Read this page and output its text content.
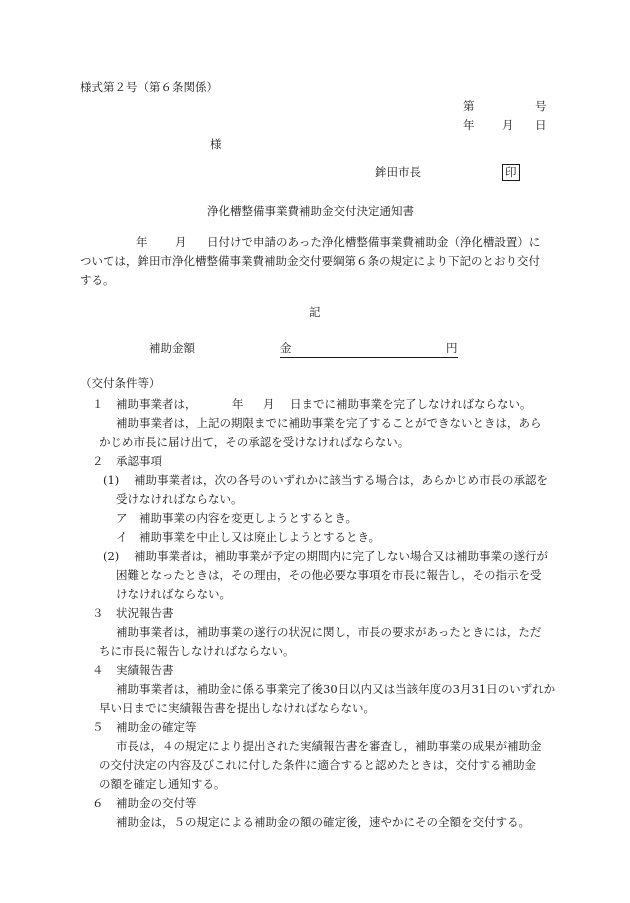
様式第２号（第６条関係）
第	号
年 月 日
様
鉾田市長	印
浄化槽整備事業費補助金交付決定通知書
年 月 日付けで申請のあった浄化槽整備事業費補助金（浄化槽設置）に
ついては，鉾田市浄化槽整備事業費補助金交付要綱第６条の規定により下記のとおり交付
する。
記
補助金額	金	円
（交付条件等）
１ 補助事業者は，	年 月 日までに補助事業を完了しなければならない。
補助事業者は，上記の期限までに補助事業を完了することができないときは，あら
かじめ市長に届け出て，その承認を受けなければならない。
２ 承認事項
(1) 補助事業者は，次の各号のいずれかに該当する場合は，あらかじめ市長の承認を
受けなければならない。
ア 補助事業の内容を変更しようとするとき。
イ 補助事業を中止し又は廃止しようとするとき。
(2) 補助事業者は，補助事業が予定の期間内に完了しない場合又は補助事業の遂行が
困難となったときは，その理由，その他必要な事項を市長に報告し，その指示を受
けなければならない。
３ 状況報告書
補助事業者は，補助事業の遂行の状況に関し，市長の要求があったときには，ただ
ちに市長に報告しなければならない。
４ 実績報告書
補助事業者は，補助金に係る事業完了後30日以内又は当該年度の3月31日のいずれか
早い日までに実績報告書を提出しなければならない。
５ 補助金の確定等
市長は，４の規定により提出された実績報告書を審査し，補助事業の成果が補助金
の交付決定の内容及びこれに付した条件に適合すると認めたときは，交付する補助金
の額を確定し通知する。
６ 補助金の交付等
補助金は，５の規定による補助金の額の確定後，速やかにその全額を交付する。
